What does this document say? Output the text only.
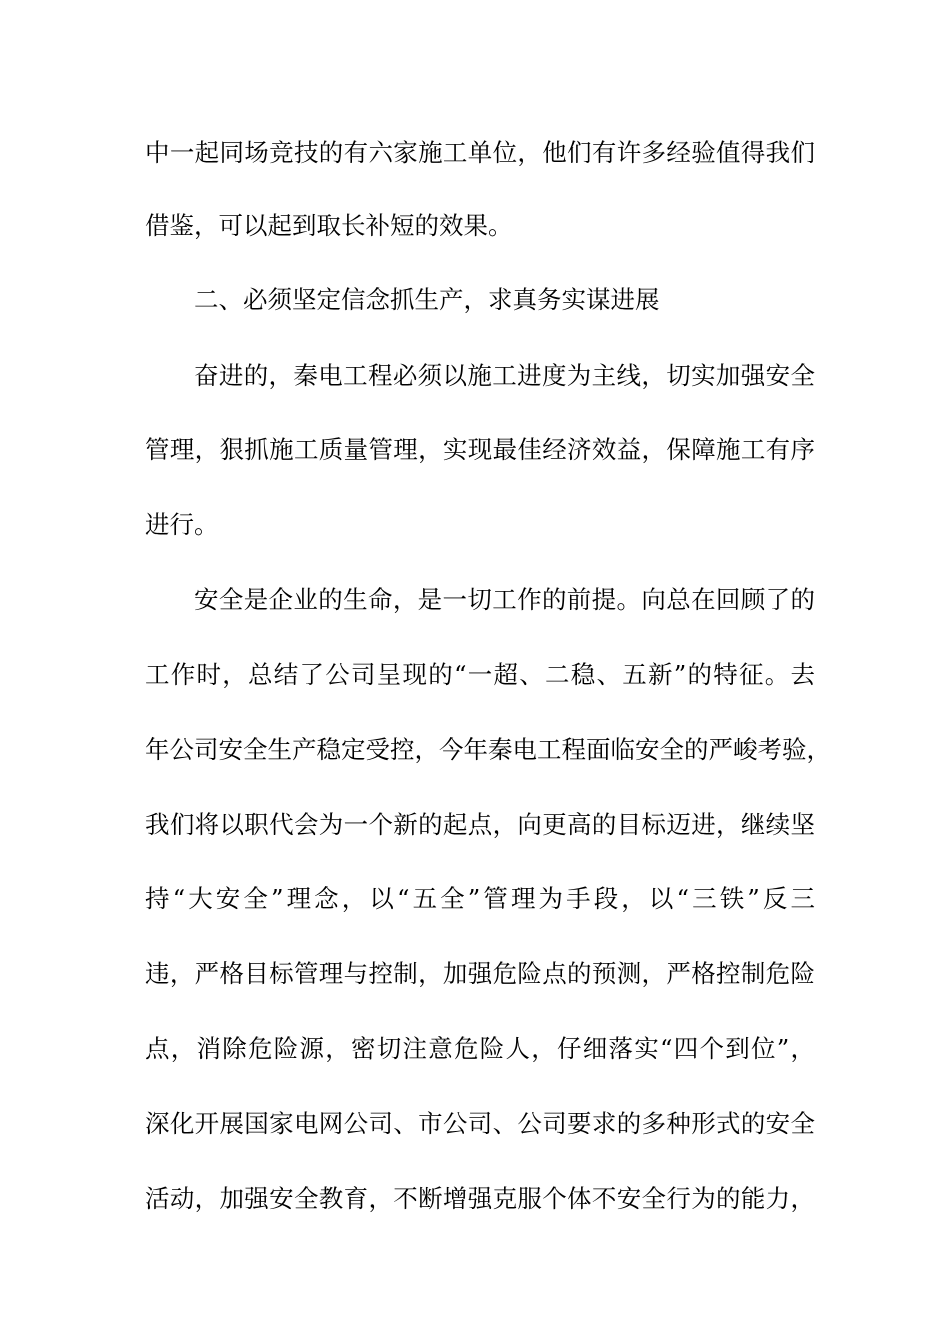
中一起同场竞技的有六家施工单位，他们有许多经验值得我们
借鉴，可以起到取长补短的效果。
二、必须坚定信念抓生产，求真务实谋进展
奋进的，秦电工程必须以施工进度为主线，切实加强安全
管理，狠抓施工质量管理，实现最佳经济效益，保障施工有序
进行。
安全是企业的生命，是一切工作的前提。向总在回顾了的
工作时，总结了公司呈现的“一超、二稳、五新”的特征。去
年公司安全生产稳定受控，今年秦电工程面临安全的严峻考验，
我们将以职代会为一个新的起点，向更高的目标迈进，继续坚
持“大安全”理念，以“五全”管理为手段，以“三铁”反三
违，严格目标管理与控制，加强危险点的预测，严格控制危险
点，消除危险源，密切注意危险人，仔细落实“四个到位”，
深化开展国家电网公司、市公司、公司要求的多种形式的安全
活动，加强安全教育，不断增强克服个体不安全行为的能力，
